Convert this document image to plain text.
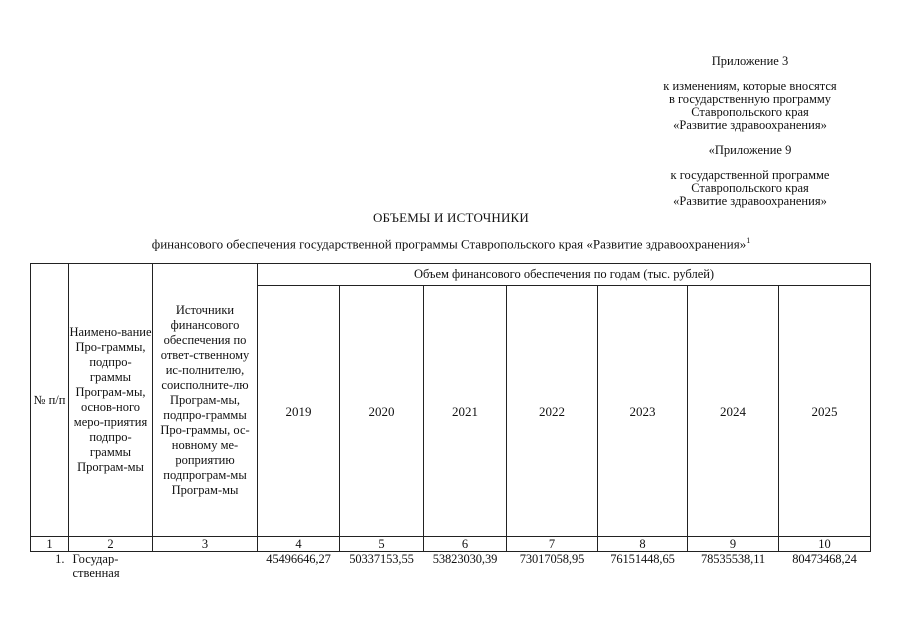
Приложение 3
к изменениям, которые вносятся
в государственную программу
Ставропольского края
«Развитие здравоохранения»
«Приложение 9
к государственной программе
Ставропольского края
«Развитие здравоохранения»
ОБЪЕМЫ И ИСТОЧНИКИ
финансового обеспечения государственной программы Ставропольского края «Развитие здравоохранения»$^1$
№ п/п	Наимено-вание Про-граммы, подпро-граммы Програм-мы, основ-ного меро-приятия подпро-граммы Програм-мы	Источники финансового обеспечения по ответ-ственному ис-полнителю, соисполните-лю Програм-мы, подпро-граммы Про-граммы, ос-новному ме-роприятию подпрограм-мы Програм-мы	Объем финансового обеспечения по годам (тыс. рублей)						
			2019	2020	2021	2022	2023	2024	2025
1	2	3	4	5	6	7	8	9	10
1.	Государ-ственная		45496646,27	50337153,55	53823030,39	73017058,95	76151448,65	78535538,11	80473468,24
